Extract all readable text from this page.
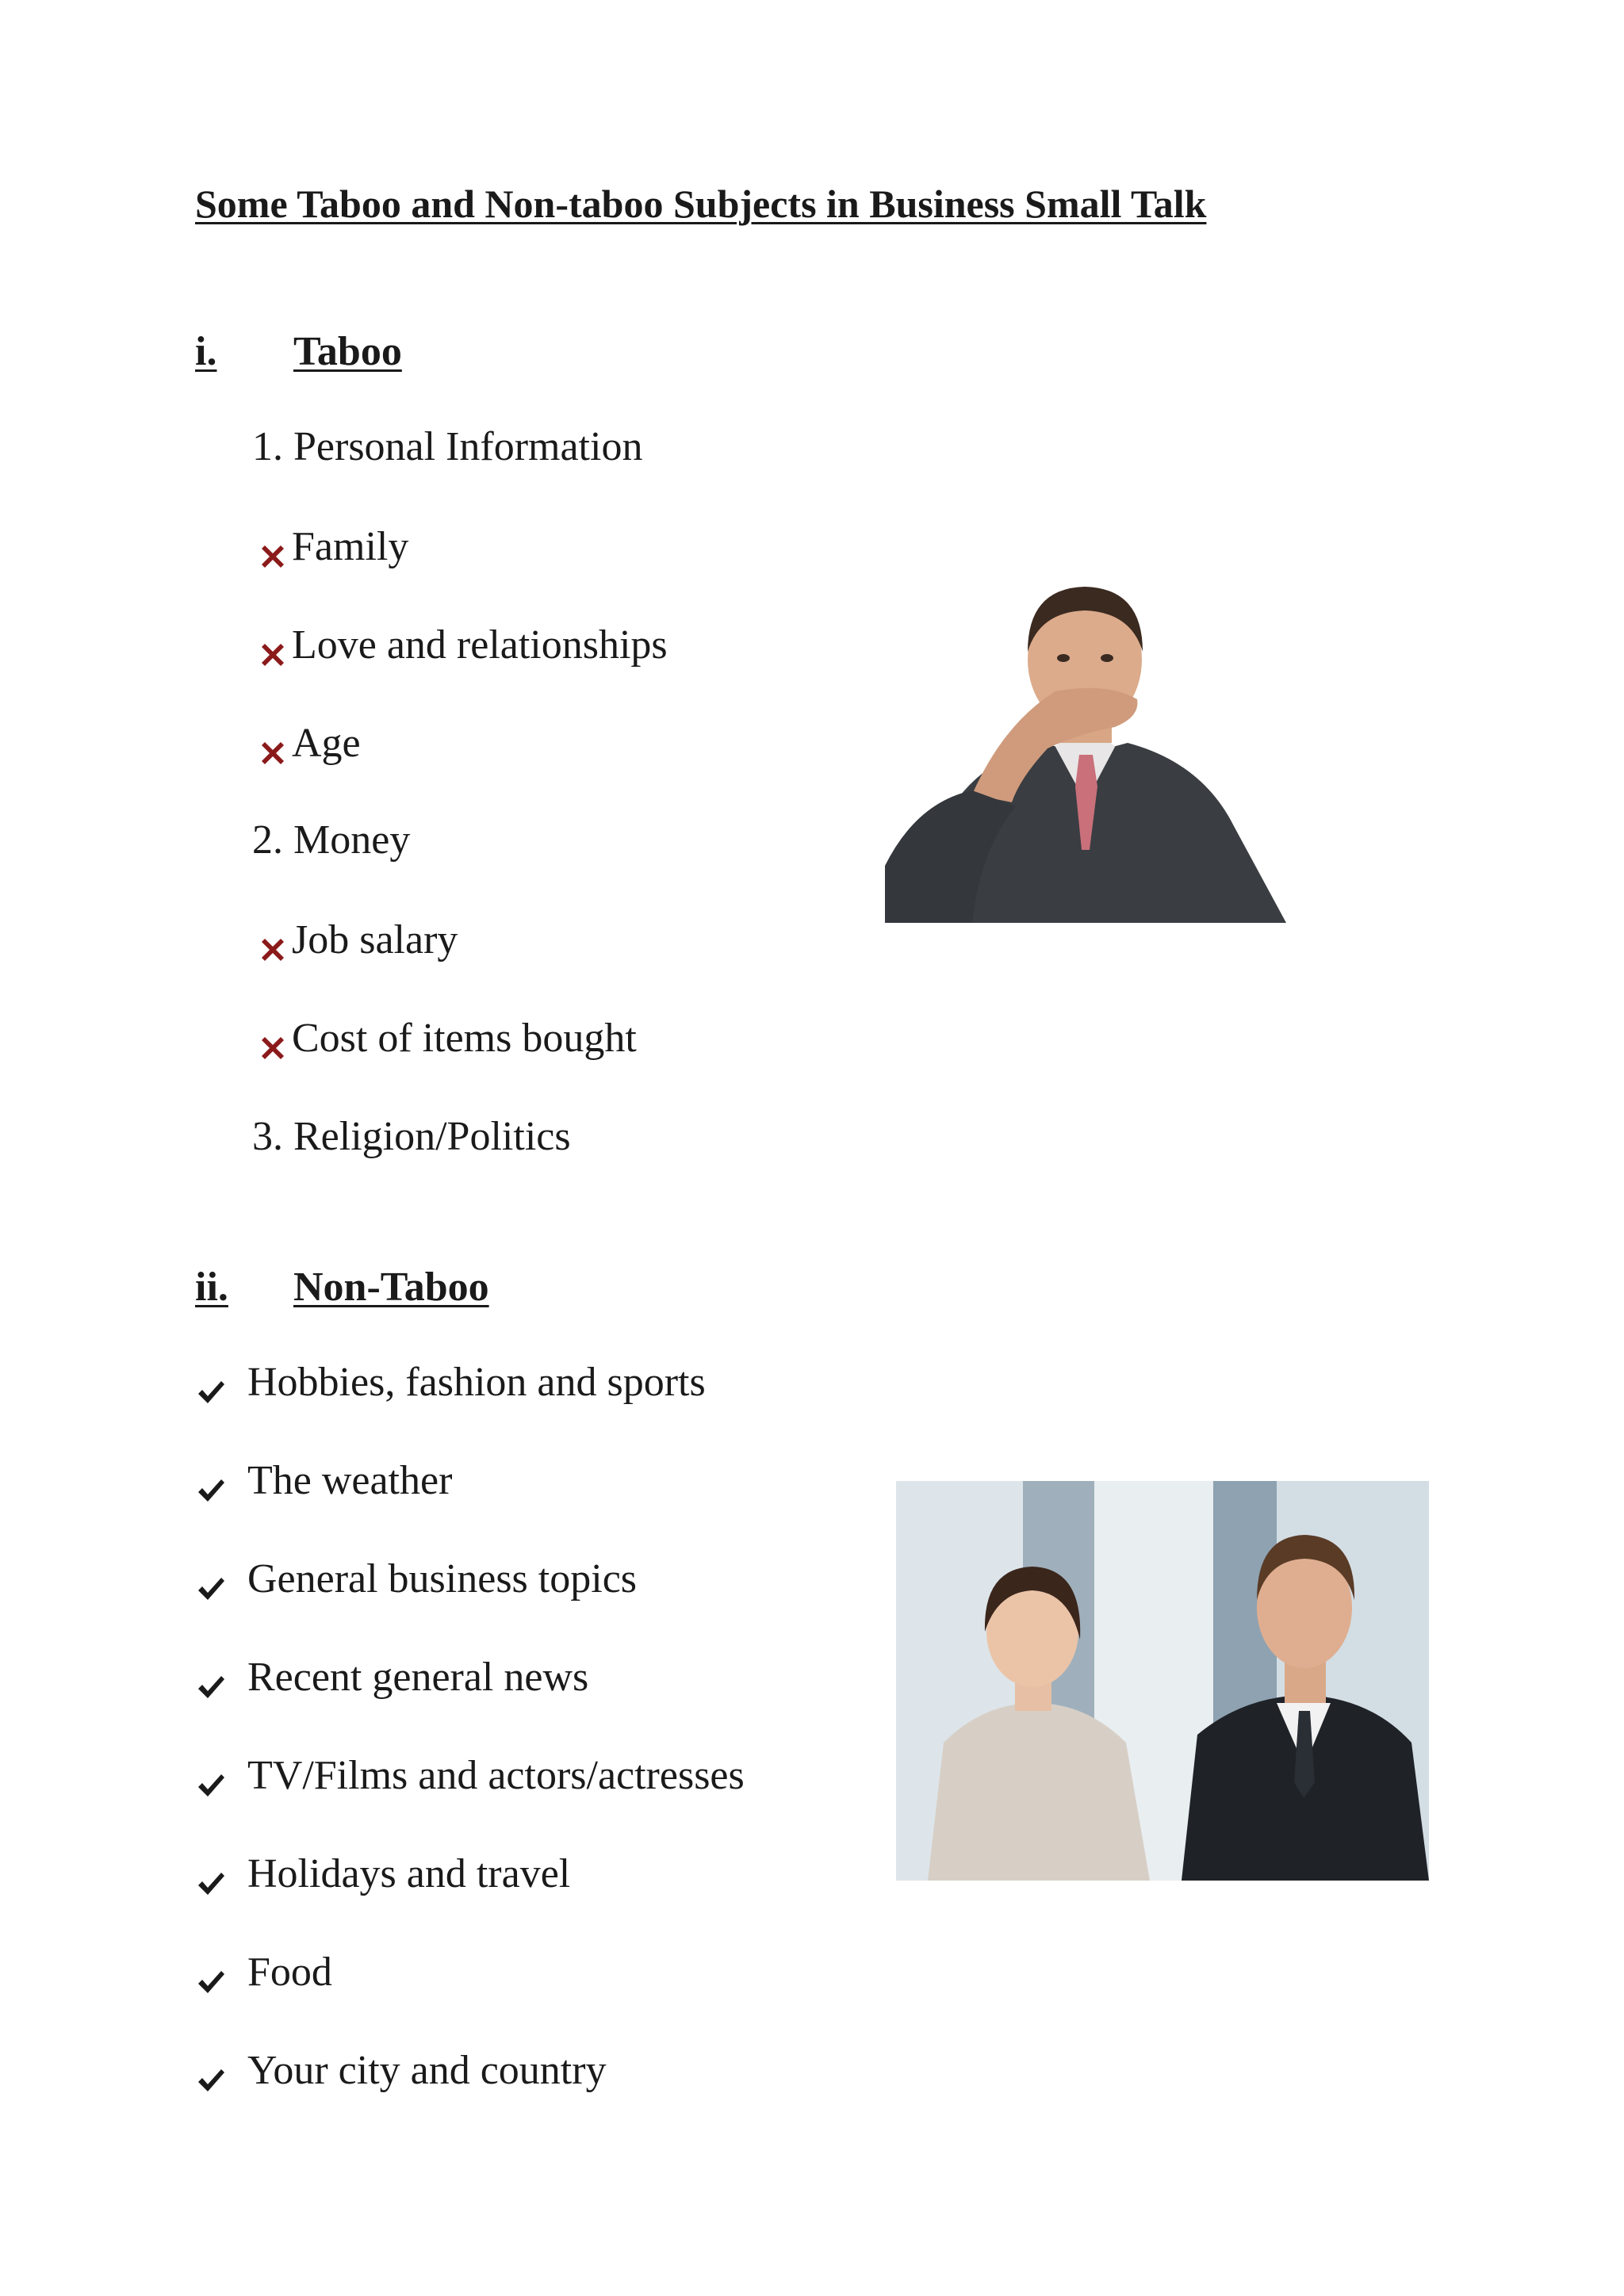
Some Taboo and Non-taboo Subjects in Business Small Talk
i. Taboo
1. Personal Information
Family
Love and relationships
Age
2. Money
Job salary
Cost of items bought
3. Religion/Politics
ii. Non-Taboo
Hobbies, fashion and sports
The weather
General business topics
Recent general news
TV/Films and actors/actresses
Holidays and travel
Food
Your city and country
